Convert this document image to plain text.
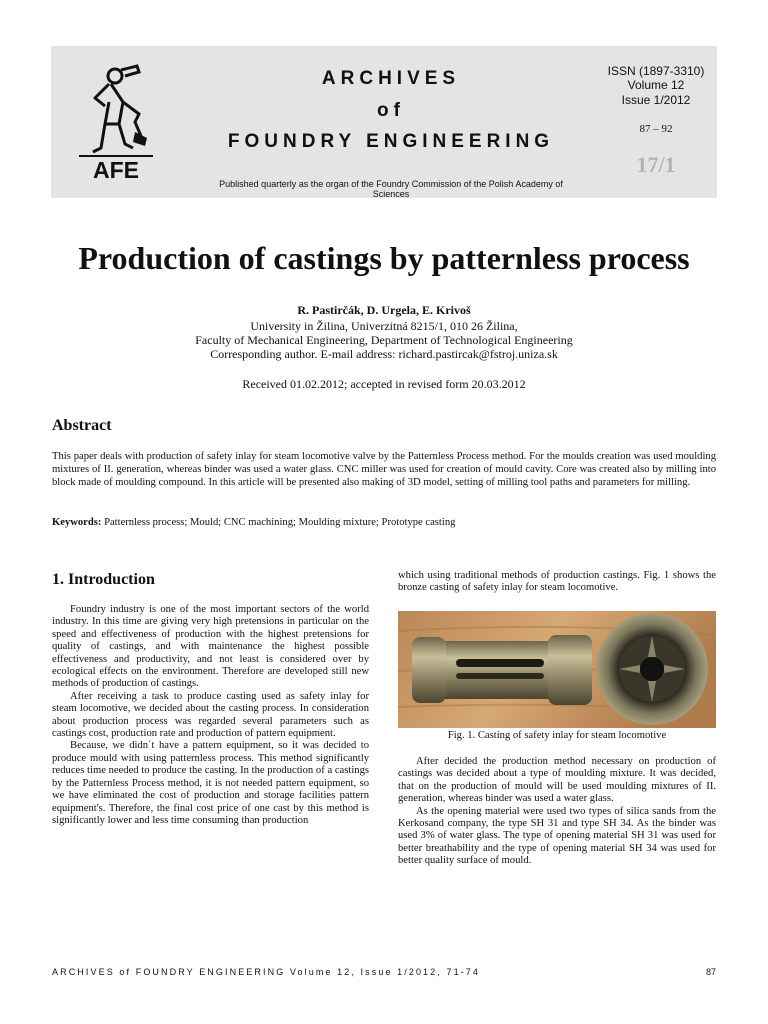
AFE
ARCHIVES
of
FOUNDRY ENGINEERING
Published quarterly as the organ of the Foundry Commission of the Polish Academy of Sciences
ISSN (1897-3310)
Volume 12
Issue 1/2012
87 – 92
17/1
Production of castings by patternless process
R. Pastirčák, D. Urgela, E. Krivoš
University in Žilina, Univerzitná 8215/1, 010 26 Žilina,
Faculty of Mechanical Engineering, Department of Technological Engineering
Corresponding author. E-mail address: richard.pastircak@fstroj.uniza.sk
Received 01.02.2012; accepted in revised form 20.03.2012
Abstract
This paper deals with production of safety inlay for steam locomotive valve by the Patternless Process method. For the moulds creation was used moulding mixtures of II. generation, whereas binder was used a water glass. CNC miller was used for creation of mould cavity. Core was created also by milling into block made of moulding compound. In this article will be presented also making of 3D model, setting of milling tool paths and parameters for milling.
Keywords: Patternless process; Mould; CNC machining; Moulding mixture; Prototype casting
1. Introduction

Foundry industry is one of the most important sectors of the world industry. In this time are giving very high pretensions in particular on the speed and effectiveness of production with the highest pretensions for quality of castings, and with maintenance the highest possible effectiveness and productivity, and not least is considered over by ecological effects on the environment. Therefore are developed still new methods of production of castings.

After receiving a task to produce casting used as safety inlay for steam locomotive, we decided about the casting process. In consideration about production process was regarded several parameters such as castings cost, production rate and production of pattern equipment.

Because, we didn´t have a pattern equipment, so it was decided to produce mould with using patternless process. This method significantly reduces time needed to produce the casting. In the production of a castings by the Patternless Process method, it is not needed pattern equipment, so we have eliminated the cost of production and storage facilities pattern equipment's. Therefore, the final cost price of one cast by this method is significantly lower and less time consuming than production

which using traditional methods of production castings. Fig. 1 shows the bronze casting of safety inlay for steam locomotive.

Fig. 1. Casting of safety inlay for steam locomotive

After decided the production method necessary on production of castings was decided about a type of moulding mixture. It was decided, that on the production of mould will be used moulding mixtures of II. generation, whereas binder was used a water glass.

As the opening material were used two types of silica sands from the Kerkosand company, the type SH 31 and type SH 34. As the binder was used 3% of water glass. The type of opening material SH 31 was used for better breathability and the type of opening material SH 34 was used for better quality surface of mould.

ARCHIVES of FOUNDRY ENGINEERING Volume 12, Issue 1/2012, 71-74	87
